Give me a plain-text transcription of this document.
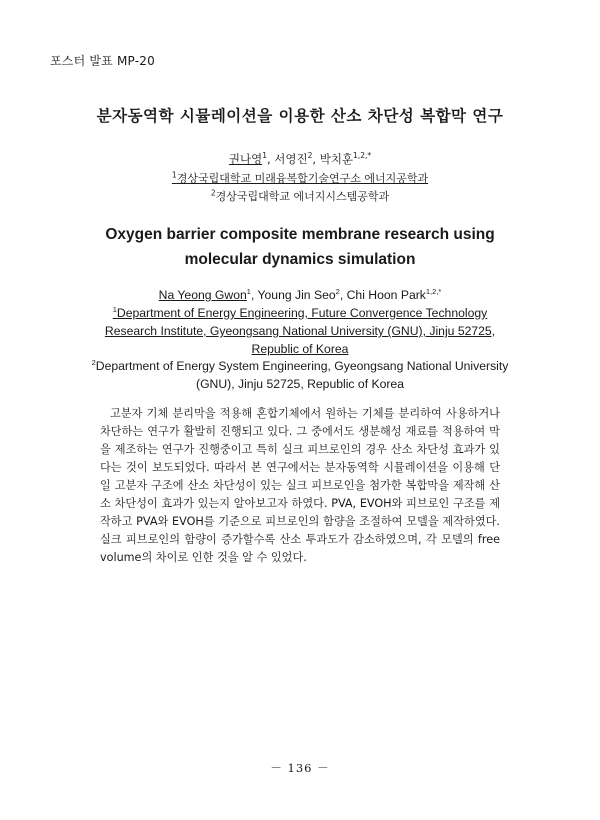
포스터 발표 MP-20
분자동역학 시뮬레이션을 이용한 산소 차단성 복합막 연구
권나영$^1$, 서영진$^2$, 박치훈$^{1,2,*}$
$^1$경상국립대학교 미래융복합기술연구소 에너지공학과
$^2$경상국립대학교 에너지시스템공학과
Oxygen barrier composite membrane research using
molecular dynamics simulation
Na Yeong Gwon$^1$, Young Jin Seo$^2$, Chi Hoon Park$^{1,2,*}$
$^1$Department of Energy Engineering, Future Convergence Technology
Research Institute, Gyeongsang National University (GNU), Jinju 52725,
Republic of Korea
$^2$Department of Energy System Engineering, Gyeongsang National University
(GNU), Jinju 52725, Republic of Korea
고분자 기체 분리막을 적용해 혼합기체에서 원하는 기체를 분리하여 사용하거나 차단하는 연구가 활발히 진행되고 있다. 그 중에서도 생분해성 재료를 적용하여 막을 제조하는 연구가 진행중이고 특히 실크 피브로인의 경우 산소 차단성 효과가 있다는 것이 보도되었다. 따라서 본 연구에서는 분자동역학 시뮬레이션을 이용해 단일 고분자 구조에 산소 차단성이 있는 실크 피브로인을 첨가한 복합막을 제작해 산소 차단성이 효과가 있는지 알아보고자 하였다. PVA, EVOH와 피브로인 구조를 제작하고 PVA와 EVOH를 기준으로 피브로인의 함량을 조절하여 모델을 제작하였다. 실크 피브로인의 함량이 증가할수록 산소 투과도가 감소하였으며, 각 모델의 free volume의 차이로 인한 것을 알 수 있었다.
－ 136 －
